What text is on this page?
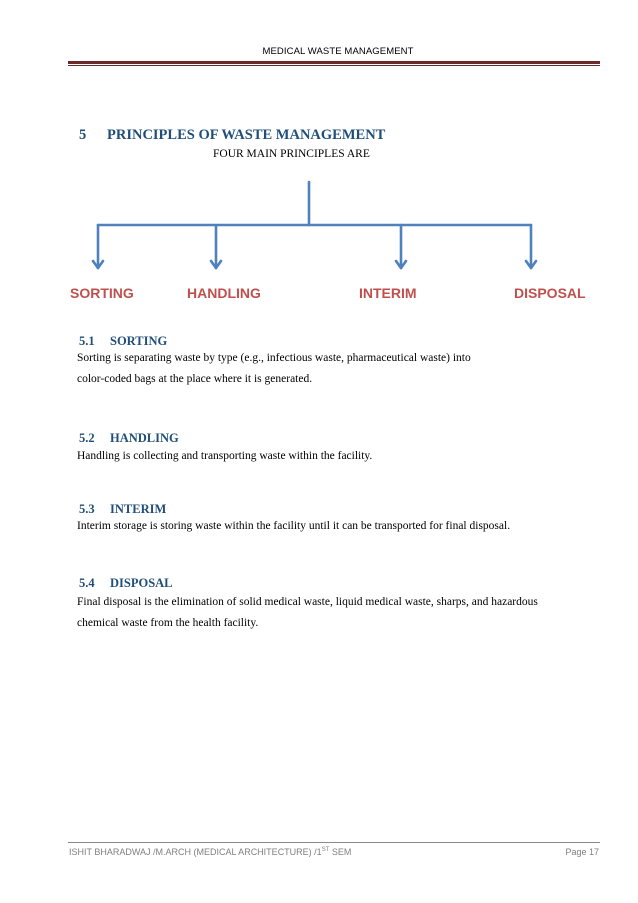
MEDICAL WASTE MANAGEMENT
5 PRINCIPLES OF WASTE MANAGEMENT
FOUR MAIN PRINCIPLES ARE
SORTING	HANDLING	INTERIM	DISPOSAL
5.1 SORTING
Sorting is separating waste by type (e.g., infectious waste, pharmaceutical waste) into
color-coded bags at the place where it is generated.
5.2 HANDLING
Handling is collecting and transporting waste within the facility.
5.3 INTERIM
Interim storage is storing waste within the facility until it can be transported for final disposal.
5.4 DISPOSAL
Final disposal is the elimination of solid medical waste, liquid medical waste, sharps, and hazardous
chemical waste from the health facility.
ISHIT BHARADWAJ /M.ARCH (MEDICAL ARCHITECTURE) /1ST SEM	Page 17
